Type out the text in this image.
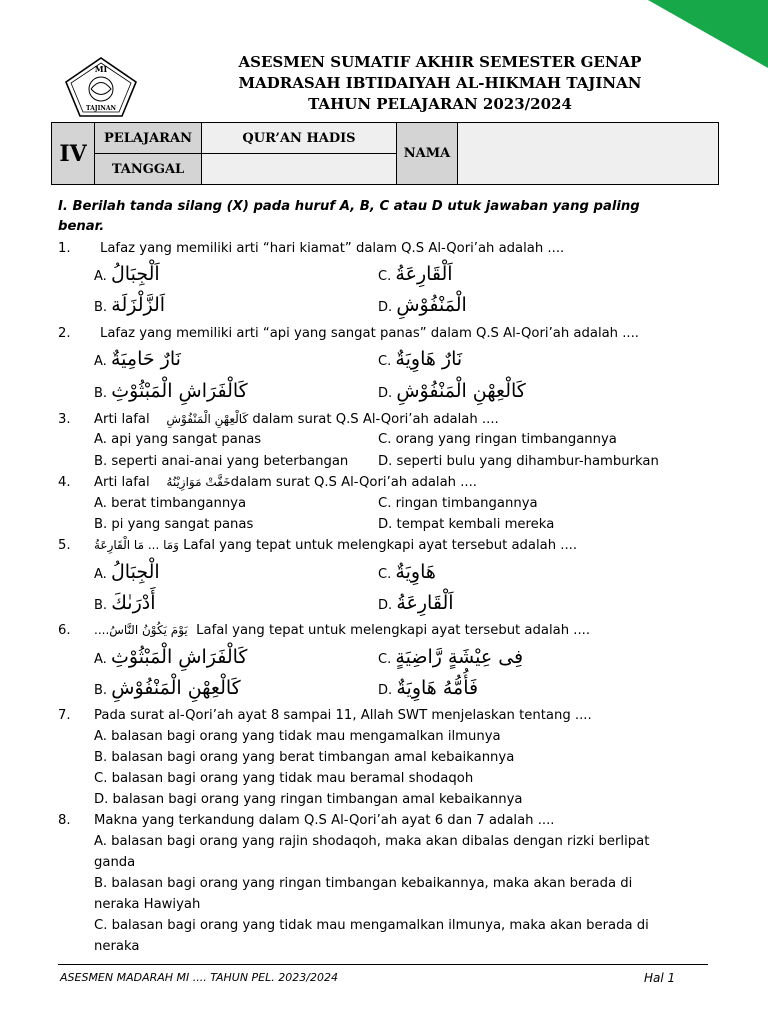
MI
TAJINAN
ASESMEN SUMATIF AKHIR SEMESTER GENAP
MADRASAH IBTIDAIYAH AL-HIKMAH TAJINAN
TAHUN PELAJARAN 2023/2024
IV	PELAJARAN	QUR’AN HADIS	NAMA	
	TANGGAL			
I. Berilah tanda silang (X) pada huruf A, B, C atau D utuk jawaban yang paling
benar.
1. Lafaz yang memiliki arti “hari kiamat” dalam Q.S Al-Qori’ah adalah ....
A. اَلْجِبَالُ	C. اَلْقَارِعَةُ
B. اَلزَّلْزَلَة	D. الْمَنْفُوْشِ
2. Lafaz yang memiliki arti “api yang sangat panas” dalam Q.S Al-Qori’ah adalah ....
A. نَارٌ حَامِيَةٌ	C. نَارٌ هَاوِيَةٌ
B. كَالْفَرَاشِ الْمَبْثُوْثِ	D. كَالْعِهْنِ الْمَنْفُوْشِ
3. Arti lafal كَالْعِهْنِ الْمَنْفُوْشِ dalam surat Q.S Al-Qori’ah adalah ....
A. api yang sangat panas	C. orang yang ringan timbangannya
B. seperti anai-anai yang beterbangan D. seperti bulu yang dihambur-hamburkan
4. Arti lafal خَفَّتْ مَوَازِيْنُهُdalam surat Q.S Al-Qori’ah adalah ....
A. berat timbangannya	C. ringan timbangannya
B. pi yang sangat panas	D. tempat kembali mereka
5. وَمَا ... مَا الْقَارِعَةُ Lafal yang tepat untuk melengkapi ayat tersebut adalah ....
A. الْجِبَالُ	C. هَاوِيَةٌ
B. أَدْرَىٰكَ	D. اَلْقَارِعَةُ
6. يَوْمَ يَكُوْنُ النَّاسُ.... Lafal yang tepat untuk melengkapi ayat tersebut adalah ....
A. كَالْفَرَاشِ الْمَبْثُوْثِ	C. فِى عِيْشَةٍ رَّاضِيَةٍ
B. كَالْعِهْنِ الْمَنْفُوْشِ	D. فَأُمُّهُ هَاوِيَةٌ
7. Pada surat al-Qori’ah ayat 8 sampai 11, Allah SWT menjelaskan tentang ....
A. balasan bagi orang yang tidak mau mengamalkan ilmunya
B. balasan bagi orang yang berat timbangan amal kebaikannya
C. balasan bagi orang yang tidak mau beramal shodaqoh
D. balasan bagi orang yang ringan timbangan amal kebaikannya
8. Makna yang terkandung dalam Q.S Al-Qori’ah ayat 6 dan 7 adalah ....
A. balasan bagi orang yang rajin shodaqoh, maka akan dibalas dengan rizki berlipat
ganda
B. balasan bagi orang yang ringan timbangan kebaikannya, maka akan berada di
neraka Hawiyah
C. balasan bagi orang yang tidak mau mengamalkan ilmunya, maka akan berada di
neraka
ASESMEN MADARAH MI .... TAHUN PEL. 2023/2024	Hal 1
